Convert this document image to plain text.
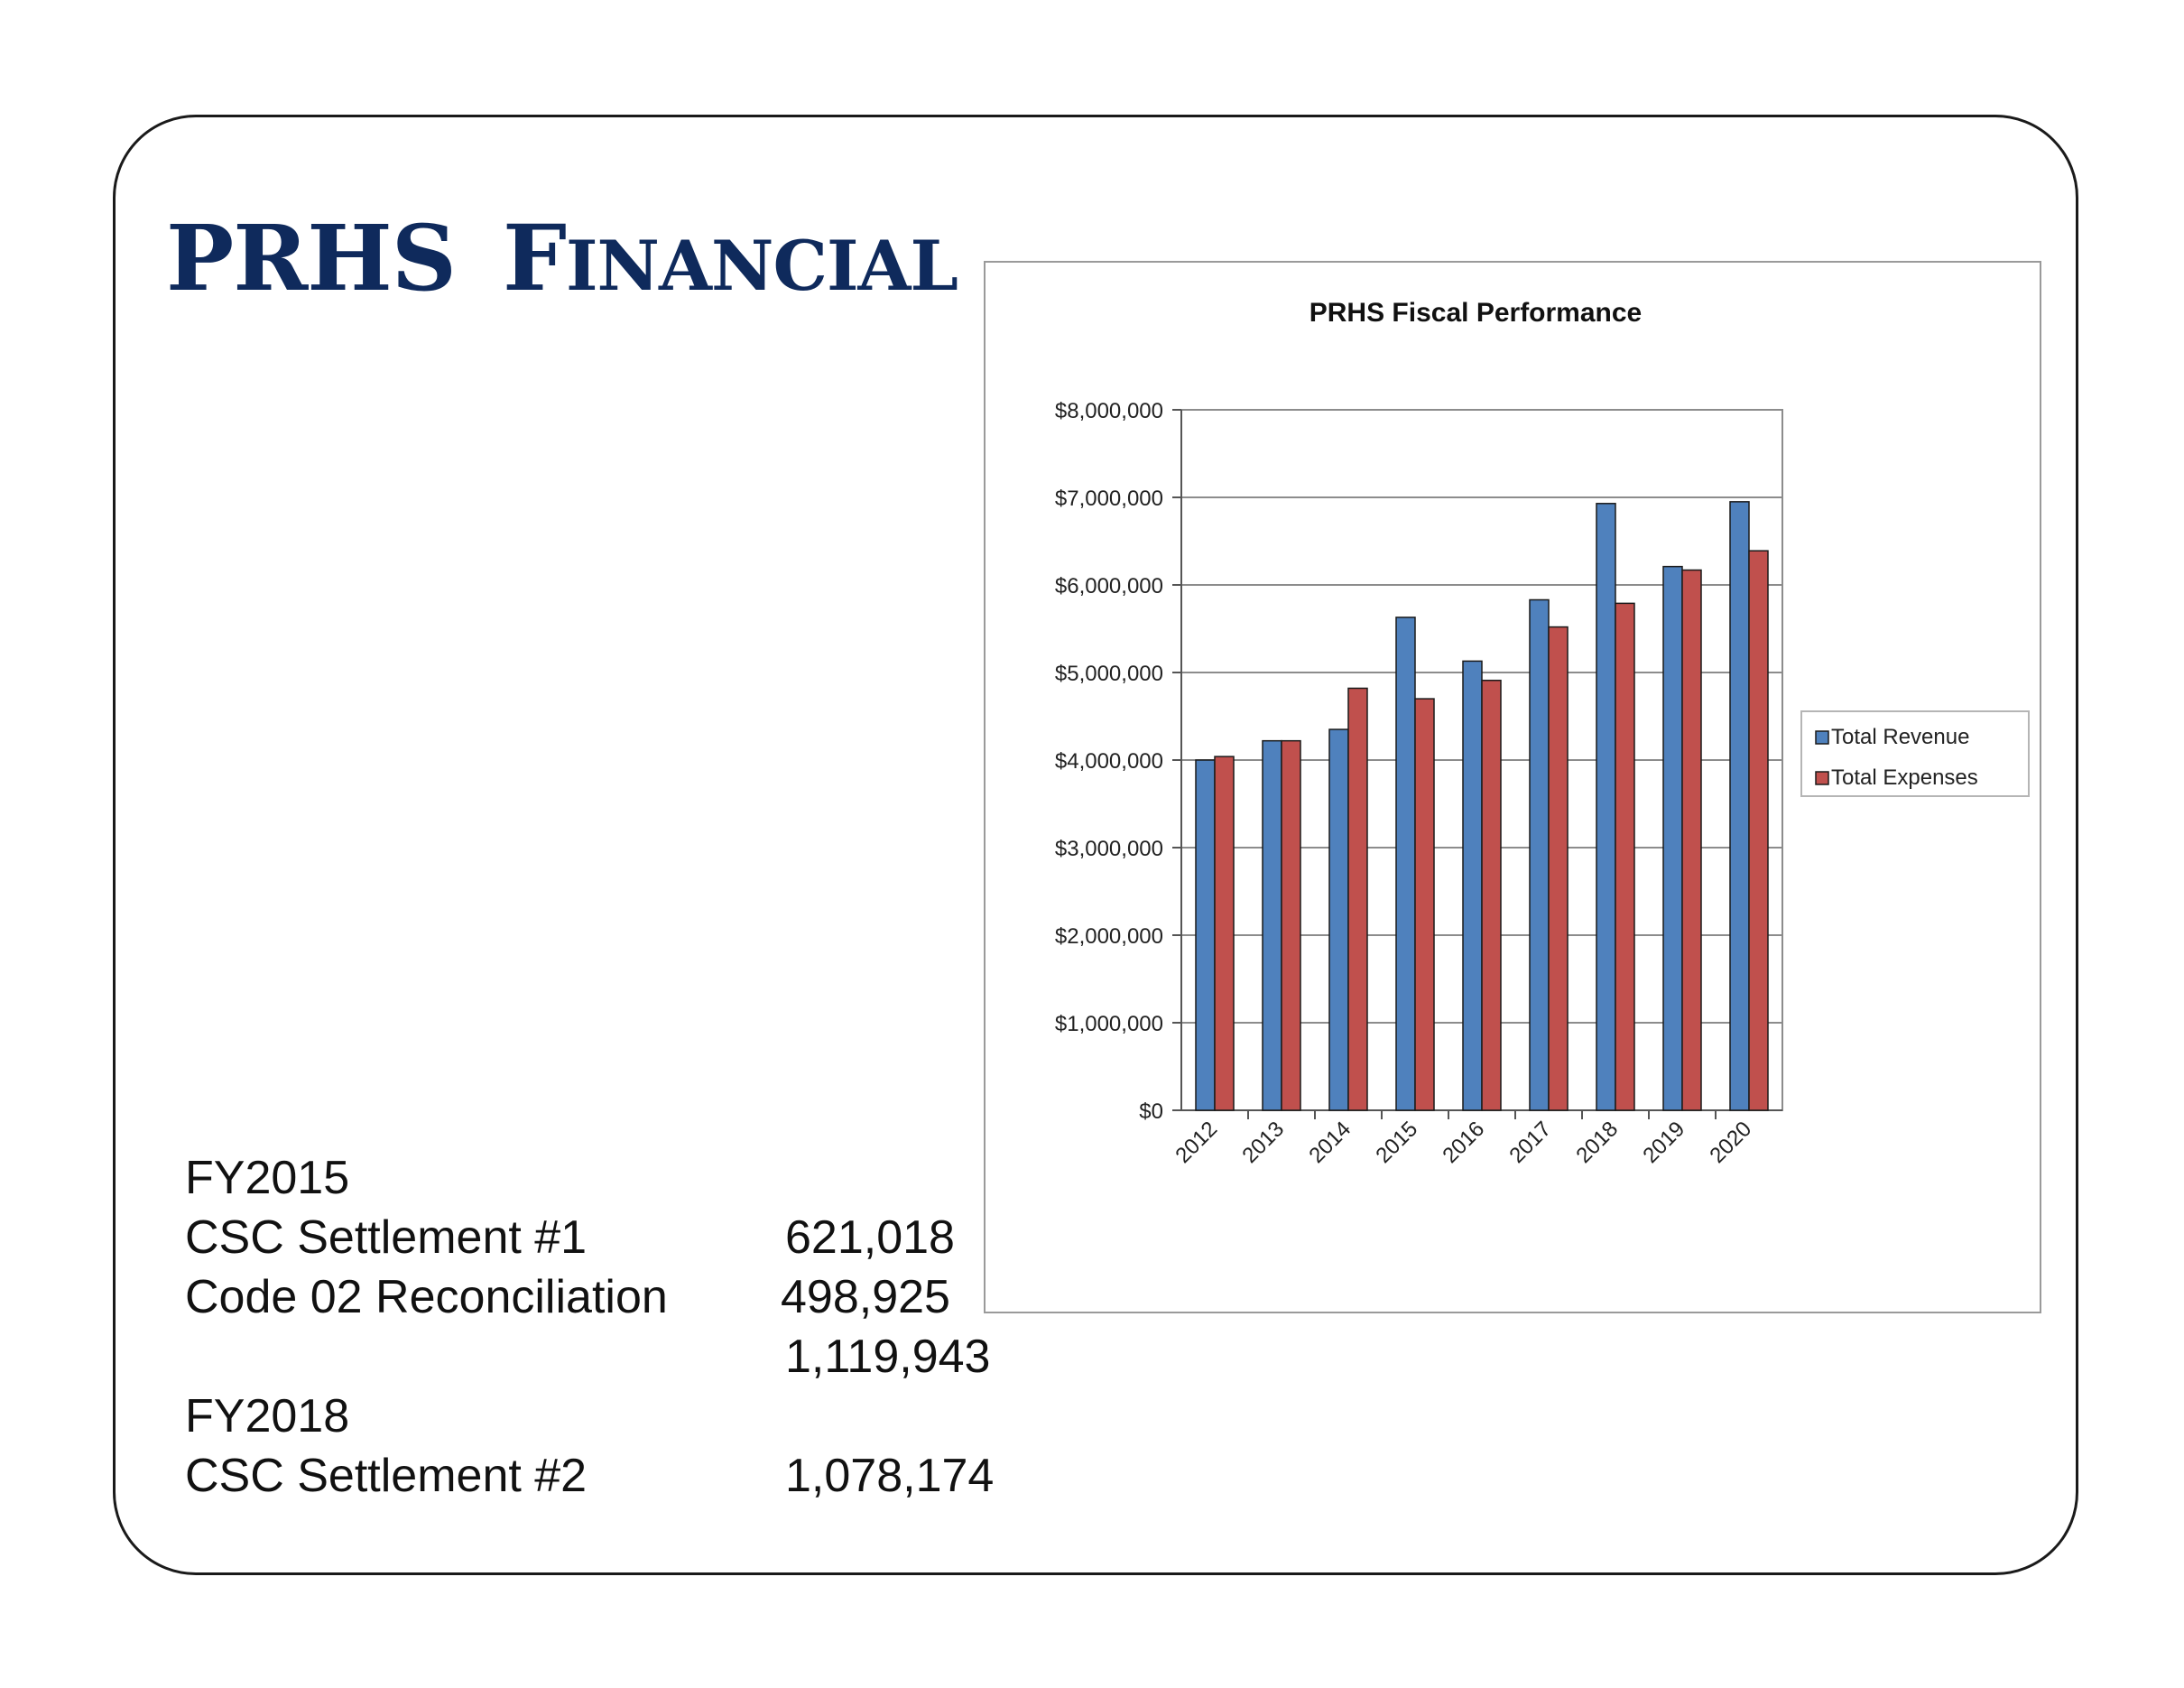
PRHS FINANCIAL
PRHS Fiscal Performance
$0
$1,000,000
$2,000,000
$3,000,000
$4,000,000
$5,000,000
$6,000,000
$7,000,000
$8,000,000
2012 2013 2014 2015 2016 2017 2018 2019 2020
Total Revenue
Total Expenses
FY2015
CSC Settlement #1	621,018
Code 02 Reconciliation 498,925
1,119,943
FY2018
CSC Settlement #2	1,078,174
